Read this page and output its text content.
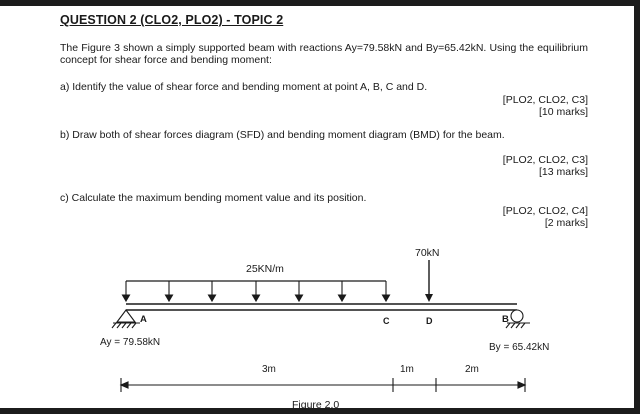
QUESTION 2 (CLO2, PLO2) - TOPIC 2
The Figure 3 shown a simply supported beam with reactions Ay=79.58kN and By=65.42kN. Using the equilibrium concept for shear force and bending moment:
a) Identify the value of shear force and bending moment at point A, B, C and D.
[PLO2, CLO2, C3]
[10 marks]
b) Draw both of shear forces diagram (SFD) and bending moment diagram (BMD) for the beam.
[PLO2, CLO2, C3]
[13 marks]
c) Calculate the maximum bending moment value and its position.
[PLO2, CLO2, C4]
[2 marks]
25KN/m
70kN
A	C	D	B
Ay = 79.58kN	By = 65.42kN
3m	1m	2m
Figure 2.0
